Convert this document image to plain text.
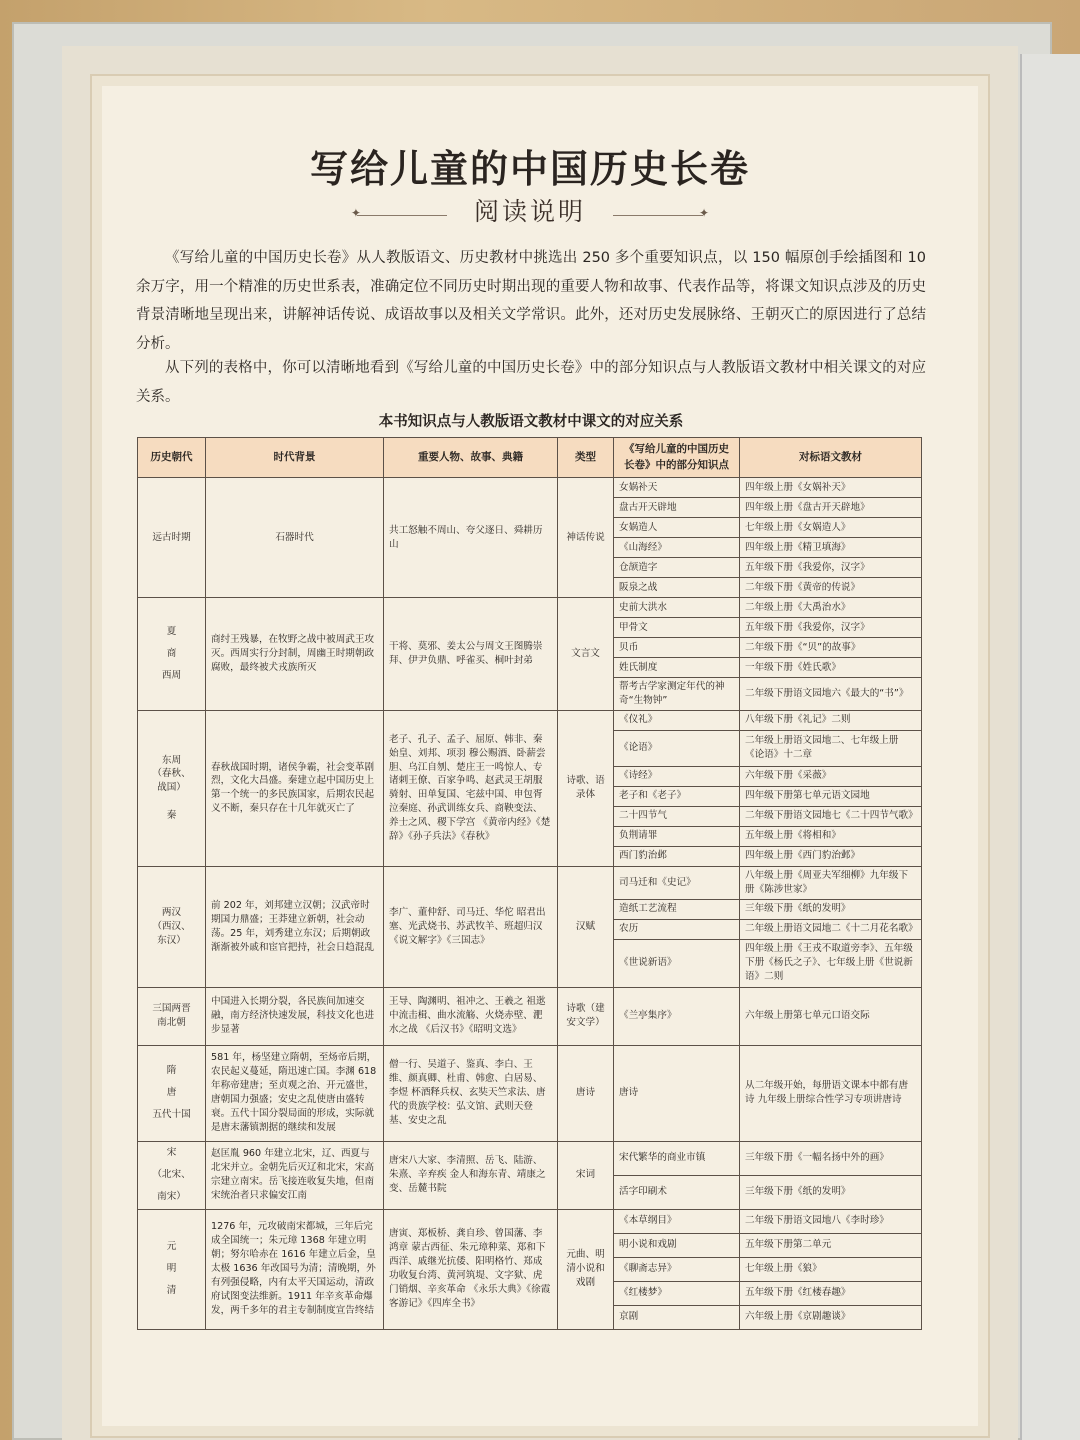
写给儿童的中国历史长卷
✦ 阅读说明 ✦
《写给儿童的中国历史长卷》从人教版语文、历史教材中挑选出 250 多个重要知识点，以 150 幅原创手绘插图和 10 余万字，用一个精准的历史世系表，准确定位不同历史时期出现的重要人物和故事、代表作品等，将课文知识点涉及的历史背景清晰地呈现出来，讲解神话传说、成语故事以及相关文学常识。此外，还对历史发展脉络、王朝灭亡的原因进行了总结分析。
从下列的表格中，你可以清晰地看到《写给儿童的中国历史长卷》中的部分知识点与人教版语文教材中相关课文的对应关系。
本书知识点与人教版语文教材中课文的对应关系
历史朝代	时代背景	重要人物、故事、典籍	类型	《写给儿童的中国历史长卷》中的部分知识点	对标语文教材

远古时期	石器时代	共工怒触不周山、夸父逐日、舜耕历山	神话传说	女娲补天	四年级上册《女娲补天》
				盘古开天辟地	四年级上册《盘古开天辟地》
				女娲造人	七年级上册《女娲造人》
				《山海经》	四年级上册《精卫填海》
				仓颉造字	五年级下册《我爱你，汉字》
				阪泉之战	二年级下册《黄帝的传说》

夏
商
西周	商纣王残暴，在牧野之战中被周武王攻灭。西周实行分封制，周幽王时期朝政腐败，最终被犬戎族所灭	干将、莫邪、姜太公与周文王图腾崇拜、伊尹负鼎、呼雀买、桐叶封弟	文言文	史前大洪水	二年级上册《大禹治水》
				甲骨文	五年级下册《我爱你，汉字》
				贝币	二年级下册《“贝”的故事》
				姓氏制度	一年级下册《姓氏歌》
				帮考古学家测定年代的神奇“生物钟”	二年级下册语文园地六《最大的“书”》

东周
（春秋、
战国）
秦	春秋战国时期，诸侯争霸，社会变革剧烈，文化大昌盛。秦建立起中国历史上第一个统一的多民族国家，后期农民起义不断，秦只存在十几年就灭亡了	老子、孔子、孟子、屈原、韩非、秦始皇、刘邦、项羽 穆公赐酒、卧薪尝胆、乌江自刎、楚庄王一鸣惊人、专诸刺王僚、百家争鸣、赵武灵王胡服骑射、田单复国、宅兹中国、申包胥泣秦庭、孙武训练女兵、商鞅变法、养士之风、稷下学宫 《黄帝内经》《楚辞》《孙子兵法》《春秋》	诗歌、语录体	《仪礼》	八年级下册《礼记》二则
				《论语》	二年级上册语文园地二、七年级上册《论语》十二章
				《诗经》	六年级下册《采薇》
				老子和《老子》	四年级下册第七单元语文园地
				二十四节气	二年级下册语文园地七《二十四节气歌》
				负荆请罪	五年级上册《将相和》
				西门豹治邺	四年级上册《西门豹治邺》

两汉
（西汉、
东汉）	前 202 年，刘邦建立汉朝；汉武帝时期国力鼎盛；王莽建立新朝，社会动荡。25 年，刘秀建立东汉；后期朝政渐渐被外戚和宦官把持，社会日趋混乱	李广、董仲舒、司马迁、华佗 昭君出塞、光武烧书、苏武牧羊、班超归汉 《说文解字》《三国志》	汉赋	司马迁和《史记》	八年级上册《周亚夫军细柳》九年级下册《陈涉世家》
				造纸工艺流程	三年级下册《纸的发明》
				农历	二年级上册语文园地二《十二月花名歌》
				《世说新语》	四年级上册《王戎不取道旁李》、五年级下册《杨氏之子》、七年级上册《世说新语》二则

三国两晋
南北朝	中国进入长期分裂，各民族间加速交融，南方经济快速发展，科技文化也进步显著	王导、陶渊明、祖冲之、王羲之 祖逖中流击楫、曲水流觞、火烧赤壁、淝水之战 《后汉书》《昭明文选》	诗歌（建安文学）	《兰亭集序》	六年级上册第七单元口语交际

隋
唐
五代十国	581 年，杨坚建立隋朝，至炀帝后期，农民起义蔓延，隋迅速亡国。李渊 618 年称帝建唐；至贞观之治、开元盛世，唐朝国力强盛；安史之乱使唐由盛转衰。五代十国分裂局面的形成，实际就是唐末藩镇割据的继续和发展	僧一行、吴道子、鉴真、李白、王维、颜真卿、杜甫、韩愈、白居易、李煜 杯酒释兵权、玄奘天竺求法、唐代的贵族学校：弘文馆、武则天登基、安史之乱	唐诗	唐诗	从二年级开始，每册语文课本中都有唐诗 九年级上册综合性学习专项讲唐诗

宋
（北宋、
南宋）	赵匡胤 960 年建立北宋，辽、西夏与北宋并立。金朝先后灭辽和北宋，宋高宗建立南宋。岳飞接连收复失地，但南宋统治者只求偏安江南	唐宋八大家、李清照、岳飞、陆游、朱熹、辛弃疾 金人和海东青、靖康之变、岳麓书院	宋词	宋代繁华的商业市镇	三年级下册《一幅名扬中外的画》
				活字印刷术	三年级下册《纸的发明》

元
明
清	1276 年，元攻破南宋都城，三年后完成全国统一；朱元璋 1368 年建立明朝；努尔哈赤在 1616 年建立后金，皇太极 1636 年改国号为清；清晚期，外有列强侵略，内有太平天国运动，清政府试图变法维新。1911 年辛亥革命爆发，两千多年的君主专制制度宣告终结	唐寅、郑板桥、龚自珍、曾国藩、李鸿章 蒙古西征、朱元璋种菜、郑和下西洋、戚继光抗倭、阳明格竹、郑成功收复台湾、黄河筑堤、文字狱、虎门销烟、辛亥革命 《永乐大典》《徐霞客游记》《四库全书》	元曲、明清小说和戏剧	《本草纲目》	二年级下册语文园地八《李时珍》
				明小说和戏剧	五年级下册第二单元
				《聊斋志异》	七年级上册《狼》
				《红楼梦》	五年级下册《红楼春趣》
				京剧	六年级上册《京剧趣谈》
